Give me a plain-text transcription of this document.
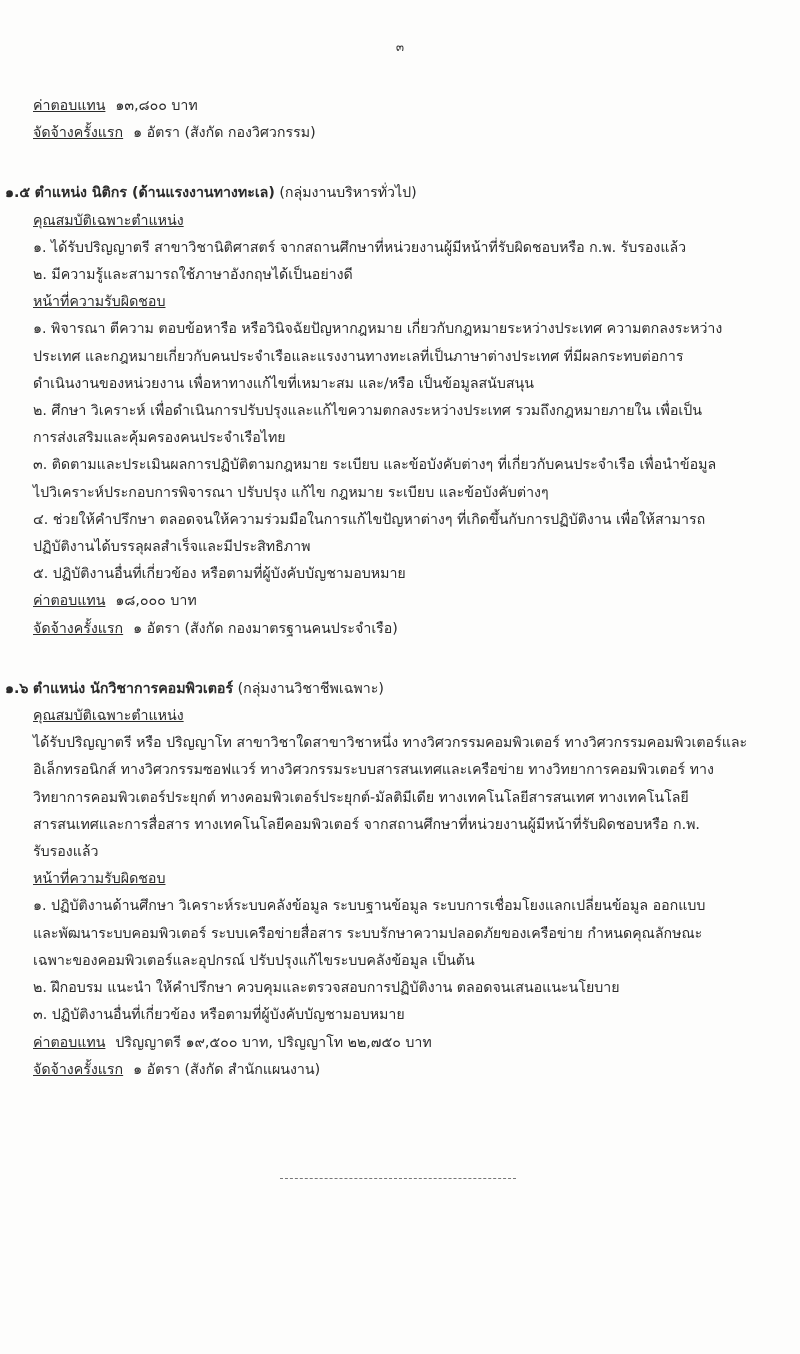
๓
ค่าตอบแทน ๑๓,๘๐๐ บาท
จัดจ้างครั้งแรก ๑ อัตรา (สังกัด กองวิศวกรรม)
๑.๕ ตำแหน่ง นิติกร (ด้านแรงงานทางทะเล) (กลุ่มงานบริหารทั่วไป)
คุณสมบัติเฉพาะตำแหน่ง
๑. ได้รับปริญญาตรี สาขาวิชานิติศาสตร์ จากสถานศึกษาที่หน่วยงานผู้มีหน้าที่รับผิดชอบหรือ ก.พ. รับรองแล้ว
๒. มีความรู้และสามารถใช้ภาษาอังกฤษได้เป็นอย่างดี
หน้าที่ความรับผิดชอบ
๑. พิจารณา ตีความ ตอบข้อหารือ หรือวินิจฉัยปัญหากฎหมาย เกี่ยวกับกฎหมายระหว่างประเทศ ความตกลงระหว่าง
ประเทศ และกฎหมายเกี่ยวกับคนประจำเรือและแรงงานทางทะเลที่เป็นภาษาต่างประเทศ ที่มีผลกระทบต่อการ
ดำเนินงานของหน่วยงาน เพื่อหาทางแก้ไขที่เหมาะสม และ/หรือ เป็นข้อมูลสนับสนุน
๒. ศึกษา วิเคราะห์ เพื่อดำเนินการปรับปรุงและแก้ไขความตกลงระหว่างประเทศ รวมถึงกฎหมายภายใน เพื่อเป็น
การส่งเสริมและคุ้มครองคนประจำเรือไทย
๓. ติดตามและประเมินผลการปฏิบัติตามกฎหมาย ระเบียบ และข้อบังคับต่างๆ ที่เกี่ยวกับคนประจำเรือ เพื่อนำข้อมูล
ไปวิเคราะห์ประกอบการพิจารณา ปรับปรุง แก้ไข กฎหมาย ระเบียบ และข้อบังคับต่างๆ
๔. ช่วยให้คำปรึกษา ตลอดจนให้ความร่วมมือในการแก้ไขปัญหาต่างๆ ที่เกิดขึ้นกับการปฏิบัติงาน เพื่อให้สามารถ
ปฏิบัติงานได้บรรลุผลสำเร็จและมีประสิทธิภาพ
๕. ปฏิบัติงานอื่นที่เกี่ยวข้อง หรือตามที่ผู้บังคับบัญชามอบหมาย
ค่าตอบแทน ๑๘,๐๐๐ บาท
จัดจ้างครั้งแรก ๑ อัตรา (สังกัด กองมาตรฐานคนประจำเรือ)
๑.๖ ตำแหน่ง นักวิชาการคอมพิวเตอร์ (กลุ่มงานวิชาชีพเฉพาะ)
คุณสมบัติเฉพาะตำแหน่ง
ได้รับปริญญาตรี หรือ ปริญญาโท สาขาวิชาใดสาขาวิชาหนึ่ง ทางวิศวกรรมคอมพิวเตอร์ ทางวิศวกรรมคอมพิวเตอร์และ
อิเล็กทรอนิกส์ ทางวิศวกรรมซอฟแวร์ ทางวิศวกรรมระบบสารสนเทศและเครือข่าย ทางวิทยาการคอมพิวเตอร์ ทาง
วิทยาการคอมพิวเตอร์ประยุกต์ ทางคอมพิวเตอร์ประยุกต์-มัลติมีเดีย ทางเทคโนโลยีสารสนเทศ ทางเทคโนโลยี
สารสนเทศและการสื่อสาร ทางเทคโนโลยีคอมพิวเตอร์ จากสถานศึกษาที่หน่วยงานผู้มีหน้าที่รับผิดชอบหรือ ก.พ.
รับรองแล้ว
หน้าที่ความรับผิดชอบ
๑. ปฏิบัติงานด้านศึกษา วิเคราะห์ระบบคลังข้อมูล ระบบฐานข้อมูล ระบบการเชื่อมโยงแลกเปลี่ยนข้อมูล ออกแบบ
และพัฒนาระบบคอมพิวเตอร์ ระบบเครือข่ายสื่อสาร ระบบรักษาความปลอดภัยของเครือข่าย กำหนดคุณลักษณะ
เฉพาะของคอมพิวเตอร์และอุปกรณ์ ปรับปรุงแก้ไขระบบคลังข้อมูล เป็นต้น
๒. ฝึกอบรม แนะนำ ให้คำปรึกษา ควบคุมและตรวจสอบการปฏิบัติงาน ตลอดจนเสนอแนะนโยบาย
๓. ปฏิบัติงานอื่นที่เกี่ยวข้อง หรือตามที่ผู้บังคับบัญชามอบหมาย
ค่าตอบแทน ปริญญาตรี ๑๙,๕๐๐ บาท, ปริญญาโท ๒๒,๗๕๐ บาท
จัดจ้างครั้งแรก ๑ อัตรา (สังกัด สำนักแผนงาน)
